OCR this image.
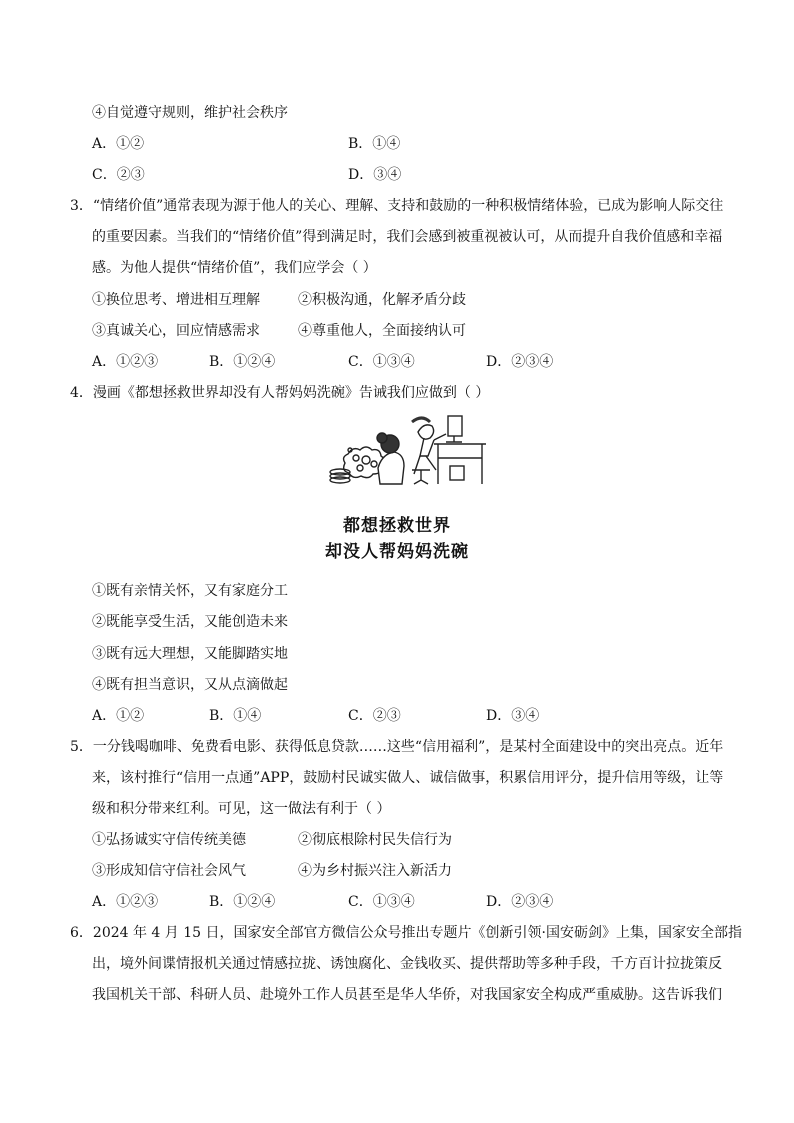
④自觉遵守规则，维护社会秩序
A．①②	B．①④
C．②③	D．③④
3．“情绪价值”通常表现为源于他人的关心、理解、支持和鼓励的一种积极情绪体验，已成为影响人际交往
的重要因素。当我们的“情绪价值”得到满足时，我们会感到被重视被认可，从而提升自我价值感和幸福
感。为他人提供“情绪价值”，我们应学会（ ）
①换位思考、增进相互理解	②积极沟通，化解矛盾分歧
③真诚关心，回应情感需求	④尊重他人，全面接纳认可
A．①②③	B．①②④	C．①③④	D．②③④
4．漫画《都想拯救世界却没有人帮妈妈洗碗》告诫我们应做到（ ）
都想拯救世界
却没人帮妈妈洗碗
①既有亲情关怀，又有家庭分工
②既能享受生活，又能创造未来
③既有远大理想，又能脚踏实地
④既有担当意识，又从点滴做起
A．①②	B．①④	C．②③	D．③④
5．一分钱喝咖啡、免费看电影、获得低息贷款……这些“信用福利”，是某村全面建设中的突出亮点。近年
来，该村推行“信用一点通”APP，鼓励村民诚实做人、诚信做事，积累信用评分，提升信用等级，让等
级和积分带来红利。可见，这一做法有利于（ ）
①弘扬诚实守信传统美德	②彻底根除村民失信行为
③形成知信守信社会风气	④为乡村振兴注入新活力
A．①②③	B．①②④	C．①③④	D．②③④
6．2024 年 4 月 15 日，国家安全部官方微信公众号推出专题片《创新引领·国安砺剑》上集，国家安全部指
出，境外间谍情报机关通过情感拉拢、诱蚀腐化、金钱收买、提供帮助等多种手段，千方百计拉拢策反
我国机关干部、科研人员、赴境外工作人员甚至是华人华侨，对我国家安全构成严重威胁。这告诉我们
